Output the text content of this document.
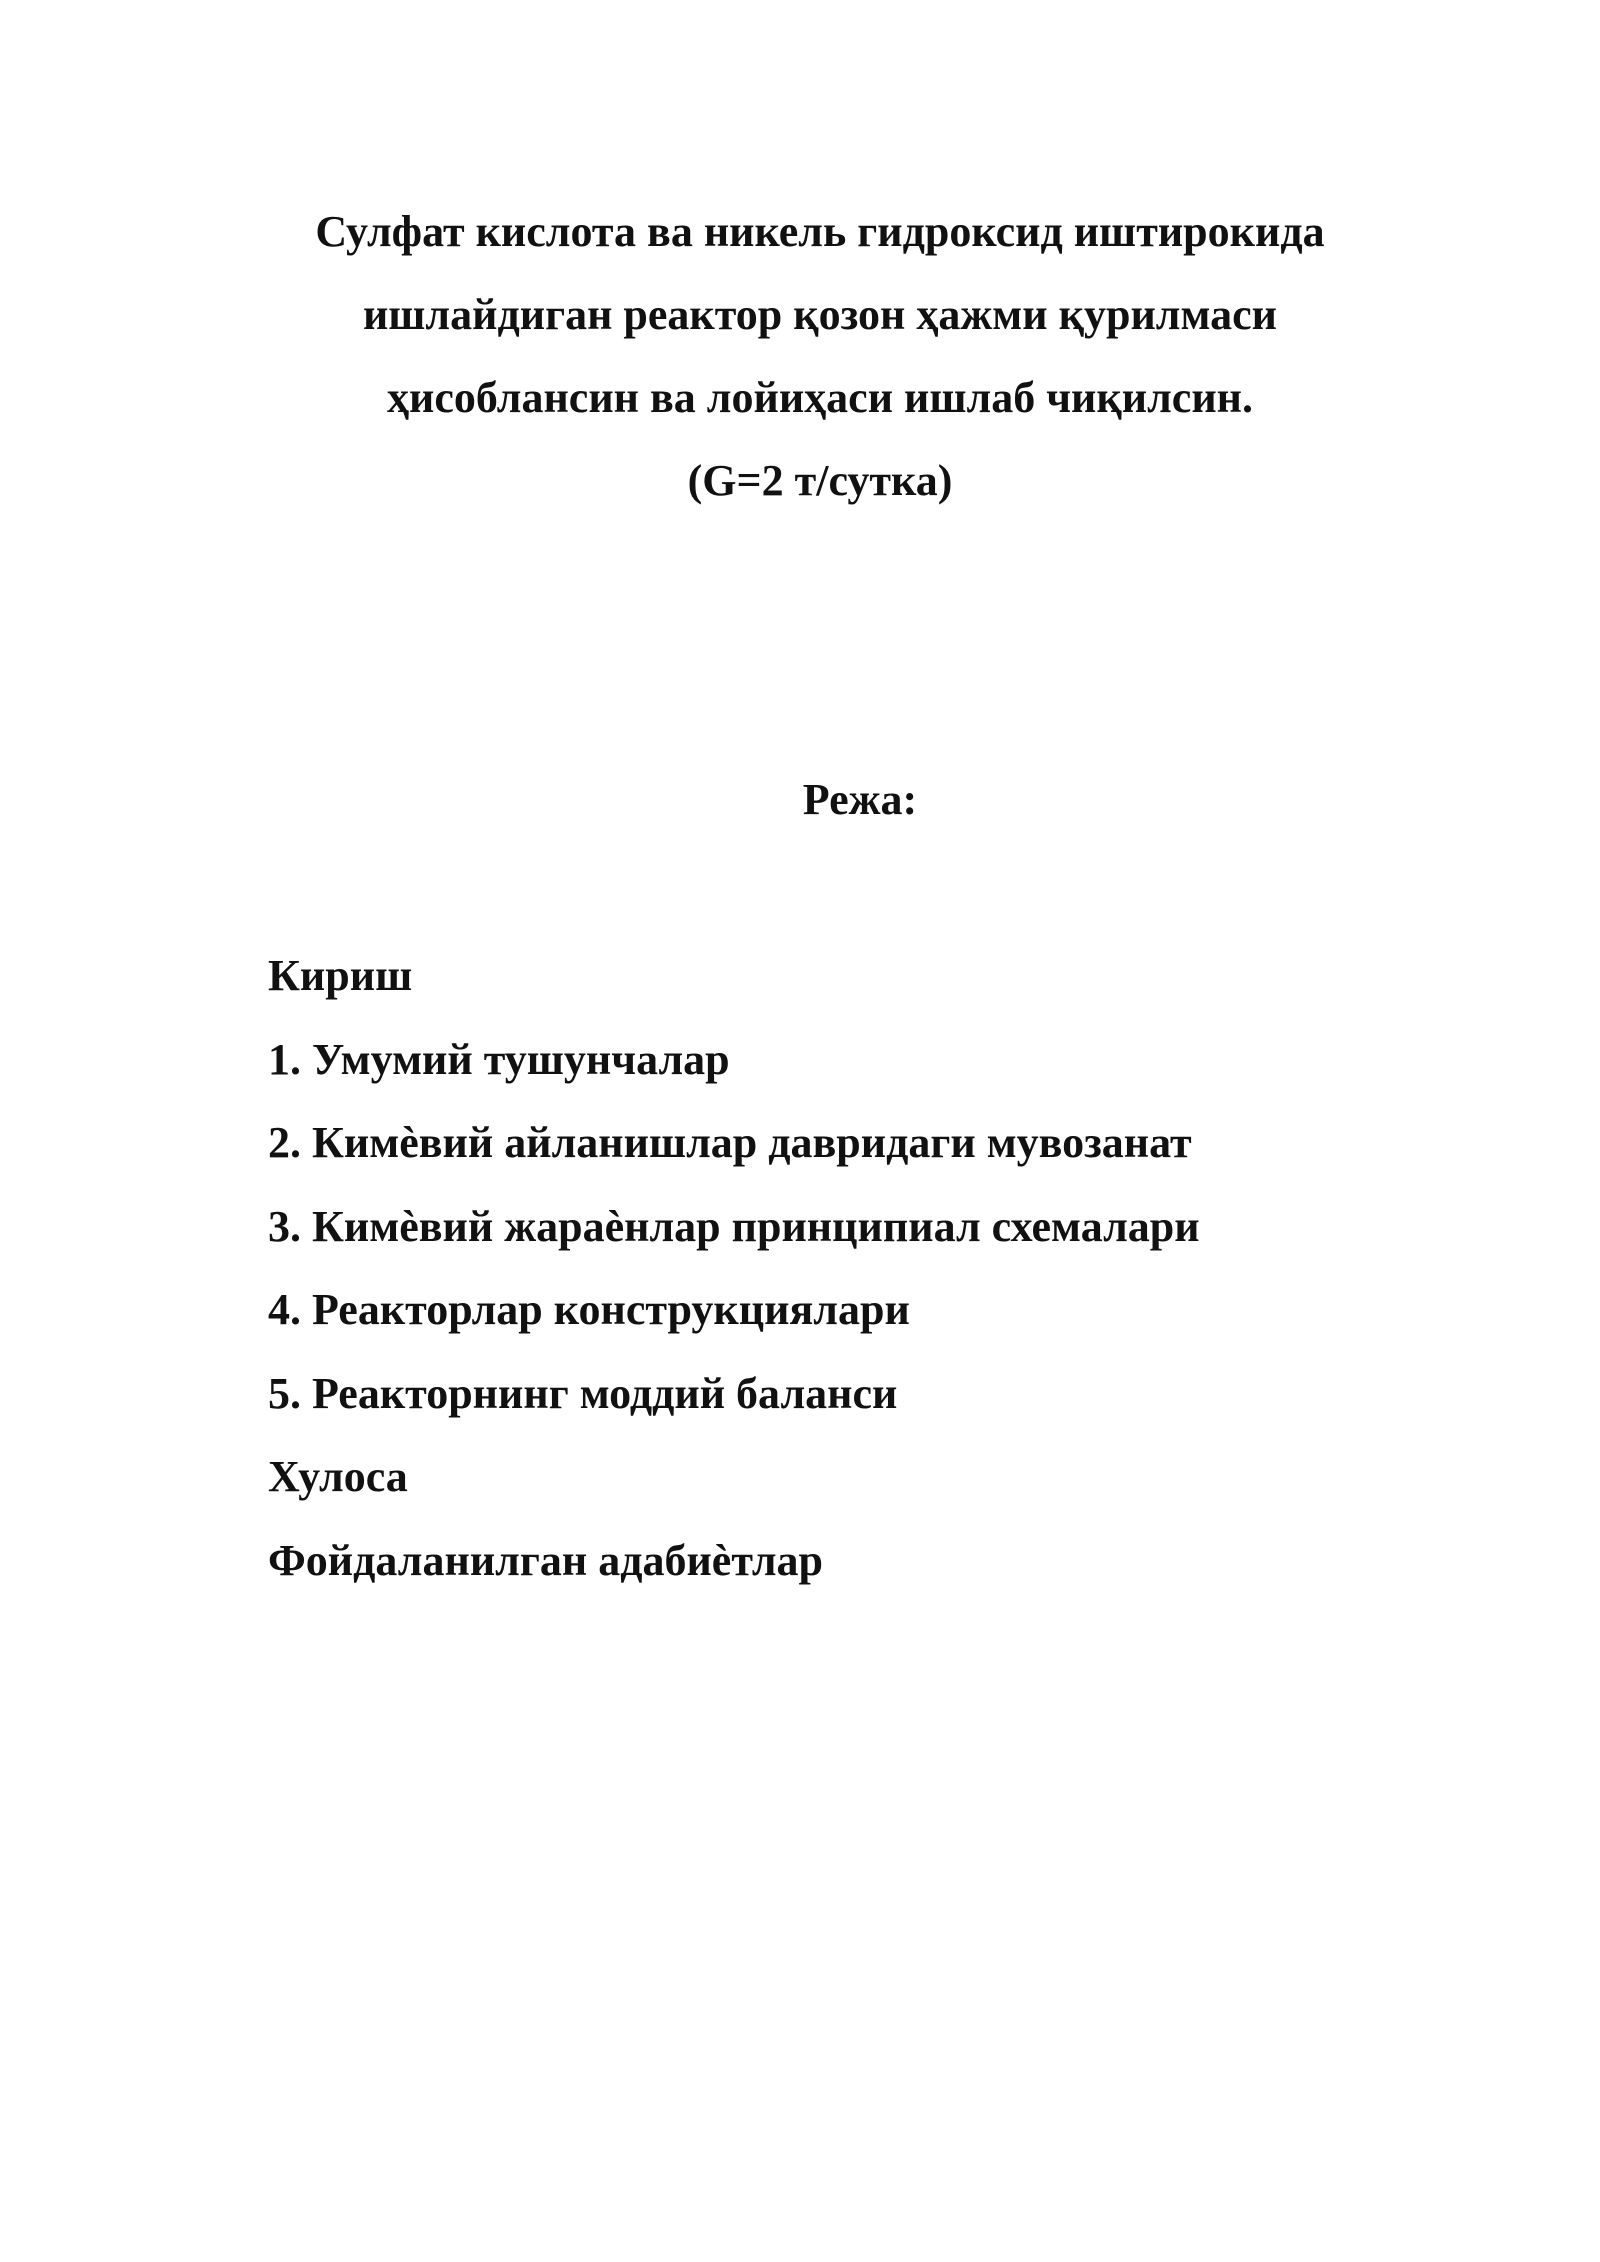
Сулфат кислота ва никель гидроксид иштирокида
ишлайдиган реактор қозон ҳажми қурилмаси
ҳисоблансин ва лойиҳаси ишлаб чиқилсин.
(G=2 т/сутка)
Режа:
Кириш
1. Умумий тушунчалар
2. Кимѐвий айланишлар давридаги мувозанат
3. Кимѐвий жараѐнлар принципиал схемалари
4. Реакторлар конструкциялари
5. Реакторнинг моддий баланси
Хулоса
Фойдаланилган адабиѐтлар
